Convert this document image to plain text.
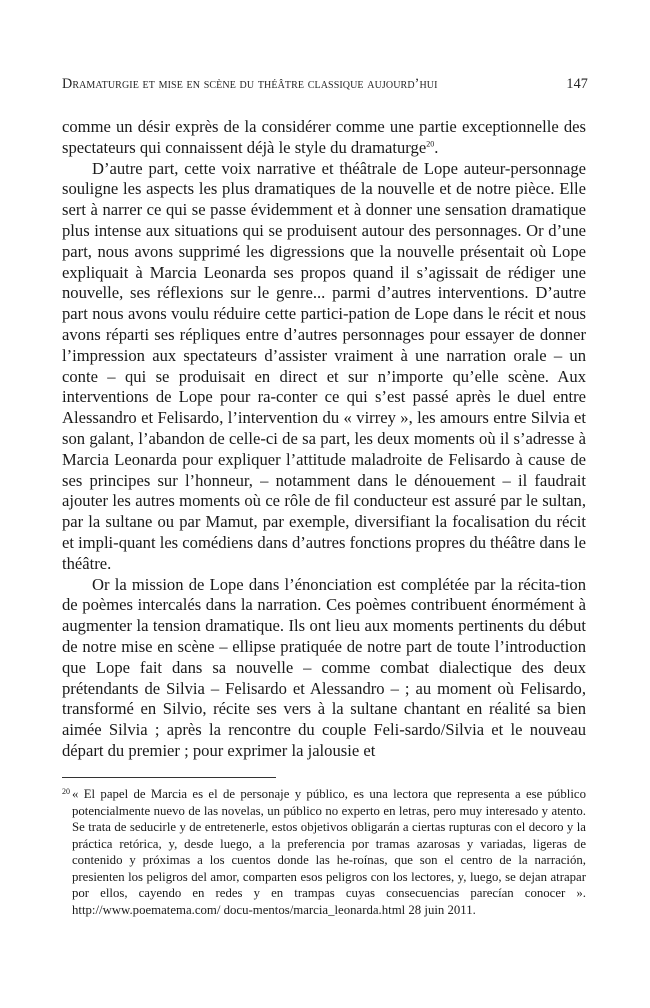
Dramaturgie et mise en scène du théâtre classique aujourd’hui	147

comme un désir exprès de la considérer comme une partie exceptionnelle des spectateurs qui connaissent déjà le style du dramaturge$^{20}$.

D’autre part, cette voix narrative et théâtrale de Lope auteur-personnage souligne les aspects les plus dramatiques de la nouvelle et de notre pièce. Elle sert à narrer ce qui se passe évidemment et à donner une sensation dramatique plus intense aux situations qui se produisent autour des personnages. Or d’une part, nous avons supprimé les digressions que la nouvelle présentait où Lope expliquait à Marcia Leonarda ses propos quand il s’agissait de rédiger une nouvelle, ses réflexions sur le genre... parmi d’autres interventions. D’autre part nous avons voulu réduire cette partici-pation de Lope dans le récit et nous avons réparti ses répliques entre d’autres personnages pour essayer de donner l’impression aux spectateurs d’assister vraiment à une narration orale – un conte – qui se produisait en direct et sur n’importe qu’elle scène. Aux interventions de Lope pour ra-conter ce qui s’est passé après le duel entre Alessandro et Felisardo, l’intervention du « virrey », les amours entre Silvia et son galant, l’abandon de celle-ci de sa part, les deux moments où il s’adresse à Marcia Leonarda pour expliquer l’attitude maladroite de Felisardo à cause de ses principes sur l’honneur, – notamment dans le dénouement – il faudrait ajouter les autres moments où ce rôle de fil conducteur est assuré par le sultan, par la sultane ou par Mamut, par exemple, diversifiant la focalisation du récit et impli-quant les comédiens dans d’autres fonctions propres du théâtre dans le théâtre.

Or la mission de Lope dans l’énonciation est complétée par la récita-tion de poèmes intercalés dans la narration. Ces poèmes contribuent énormément à augmenter la tension dramatique. Ils ont lieu aux moments pertinents du début de notre mise en scène – ellipse pratiquée de notre part de toute l’introduction que Lope fait dans sa nouvelle – comme combat dialectique des deux prétendants de Silvia – Felisardo et Alessandro – ; au moment où Felisardo, transformé en Silvio, récite ses vers à la sultane chantant en réalité sa bien aimée Silvia ; après la rencontre du couple Feli-sardo/Silvia et le nouveau départ du premier ; pour exprimer la jalousie et

20 « El papel de Marcia es el de personaje y público, es una lectora que representa a ese público potencialmente nuevo de las novelas, un público no experto en letras, pero muy interesado y atento. Se trata de seducirle y de entretenerle, estos objetivos obligarán a ciertas rupturas con el decoro y la práctica retórica, y, desde luego, a la preferencia por tramas azarosas y variadas, ligeras de contenido y próximas a los cuentos donde las he-roínas, que son el centro de la narración, presienten los peligros del amor, comparten esos peligros con los lectores, y, luego, se dejan atrapar por ellos, cayendo en redes y en trampas cuyas consecuencias parecían conocer ». http://www.poematema.com/ docu-mentos/marcia_leonarda.html 28 juin 2011.
